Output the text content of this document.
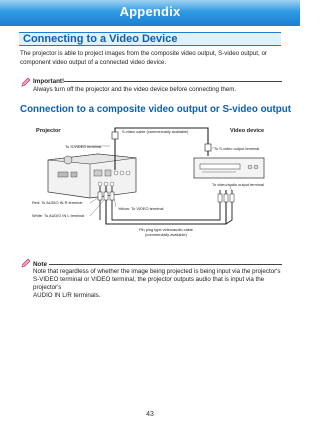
Appendix
Connecting to a Video Device
The projector is able to project images from the composite video output, S-video output, or
component video output of a connected video device.
Important!
Always turn off the projector and the video device before connecting them.
Connection to a composite video output or S-video output
Projector	Video device
S-video cable (commercially available)
To S-VIDEO terminal	To S-video output terminal
To video/audio output terminal
Red: To AUDIO IN R terminal
White: To AUDIO IN L terminal
Yellow: To VIDEO terminal
Pin plug type video/audio cable
(commercially available)
Note
Note that regardless of whether the image being projected is being input via the projector's
S-VIDEO terminal or VIDEO terminal, the projector outputs audio that is input via the projector's
AUDIO IN L/R terminals.
43
